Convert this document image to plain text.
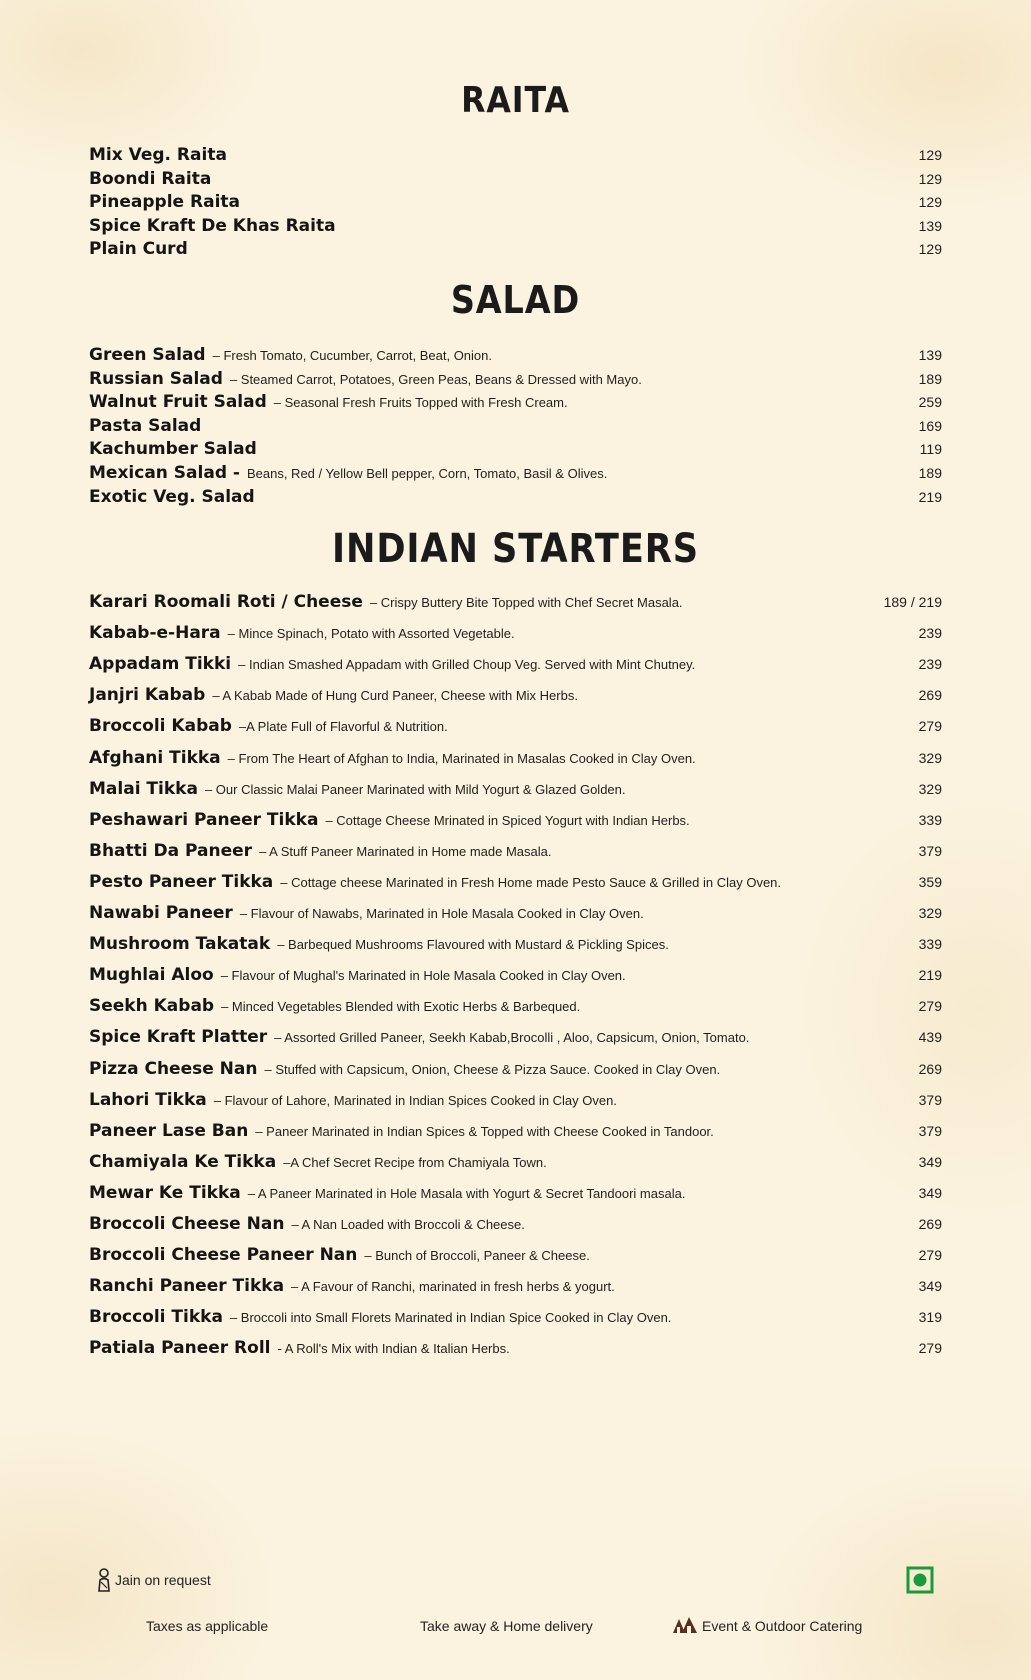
RAITA
Mix Veg. Raita	129
Boondi Raita	129
Pineapple Raita	129
Spice Kraft De Khas Raita	139
Plain Curd	129
SALAD
Green Salad – Fresh Tomato, Cucumber, Carrot, Beat, Onion.	139
Russian Salad – Steamed Carrot, Potatoes, Green Peas, Beans & Dressed with Mayo.	189
Walnut Fruit Salad – Seasonal Fresh Fruits Topped with Fresh Cream.	259
Pasta Salad	169
Kachumber Salad	119
Mexican Salad - Beans, Red / Yellow Bell pepper, Corn, Tomato, Basil & Olives.	189
Exotic Veg. Salad	219
INDIAN STARTERS
Karari Roomali Roti / Cheese – Crispy Buttery Bite Topped with Chef Secret Masala.	189 / 219
Kabab-e-Hara – Mince Spinach, Potato with Assorted Vegetable.	239
Appadam Tikki – Indian Smashed Appadam with Grilled Choup Veg. Served with Mint Chutney.	239
Janjri Kabab – A Kabab Made of Hung Curd Paneer, Cheese with Mix Herbs.	269
Broccoli Kabab –A Plate Full of Flavorful & Nutrition.	279
Afghani Tikka – From The Heart of Afghan to India, Marinated in Masalas Cooked in Clay Oven.	329
Malai Tikka – Our Classic Malai Paneer Marinated with Mild Yogurt & Glazed Golden.	329
Peshawari Paneer Tikka – Cottage Cheese Mrinated in Spiced Yogurt with Indian Herbs.	339
Bhatti Da Paneer – A Stuff Paneer Marinated in Home made Masala.	379
Pesto Paneer Tikka – Cottage cheese Marinated in Fresh Home made Pesto Sauce & Grilled in Clay Oven.	359
Nawabi Paneer – Flavour of Nawabs, Marinated in Hole Masala Cooked in Clay Oven.	329
Mushroom Takatak – Barbequed Mushrooms Flavoured with Mustard & Pickling Spices.	339
Mughlai Aloo – Flavour of Mughal's Marinated in Hole Masala Cooked in Clay Oven.	219
Seekh Kabab – Minced Vegetables Blended with Exotic Herbs & Barbequed.	279
Spice Kraft Platter – Assorted Grilled Paneer, Seekh Kabab,Brocolli , Aloo, Capsicum, Onion, Tomato.	439
Pizza Cheese Nan – Stuffed with Capsicum, Onion, Cheese & Pizza Sauce. Cooked in Clay Oven.	269
Lahori Tikka – Flavour of Lahore, Marinated in Indian Spices Cooked in Clay Oven.	379
Paneer Lase Ban – Paneer Marinated in Indian Spices & Topped with Cheese Cooked in Tandoor.	379
Chamiyala Ke Tikka –A Chef Secret Recipe from Chamiyala Town.	349
Mewar Ke Tikka – A Paneer Marinated in Hole Masala with Yogurt & Secret Tandoori masala.	349
Broccoli Cheese Nan – A Nan Loaded with Broccoli & Cheese.	269
Broccoli Cheese Paneer Nan – Bunch of Broccoli, Paneer & Cheese.	279
Ranchi Paneer Tikka – A Favour of Ranchi, marinated in fresh herbs & yogurt.	349
Broccoli Tikka – Broccoli into Small Florets Marinated in Indian Spice Cooked in Clay Oven.	319
Patiala Paneer Roll - A Roll's Mix with Indian & Italian Herbs.	279
Jain on request
Taxes as applicable	Take away & Home delivery	Event & Outdoor Catering
